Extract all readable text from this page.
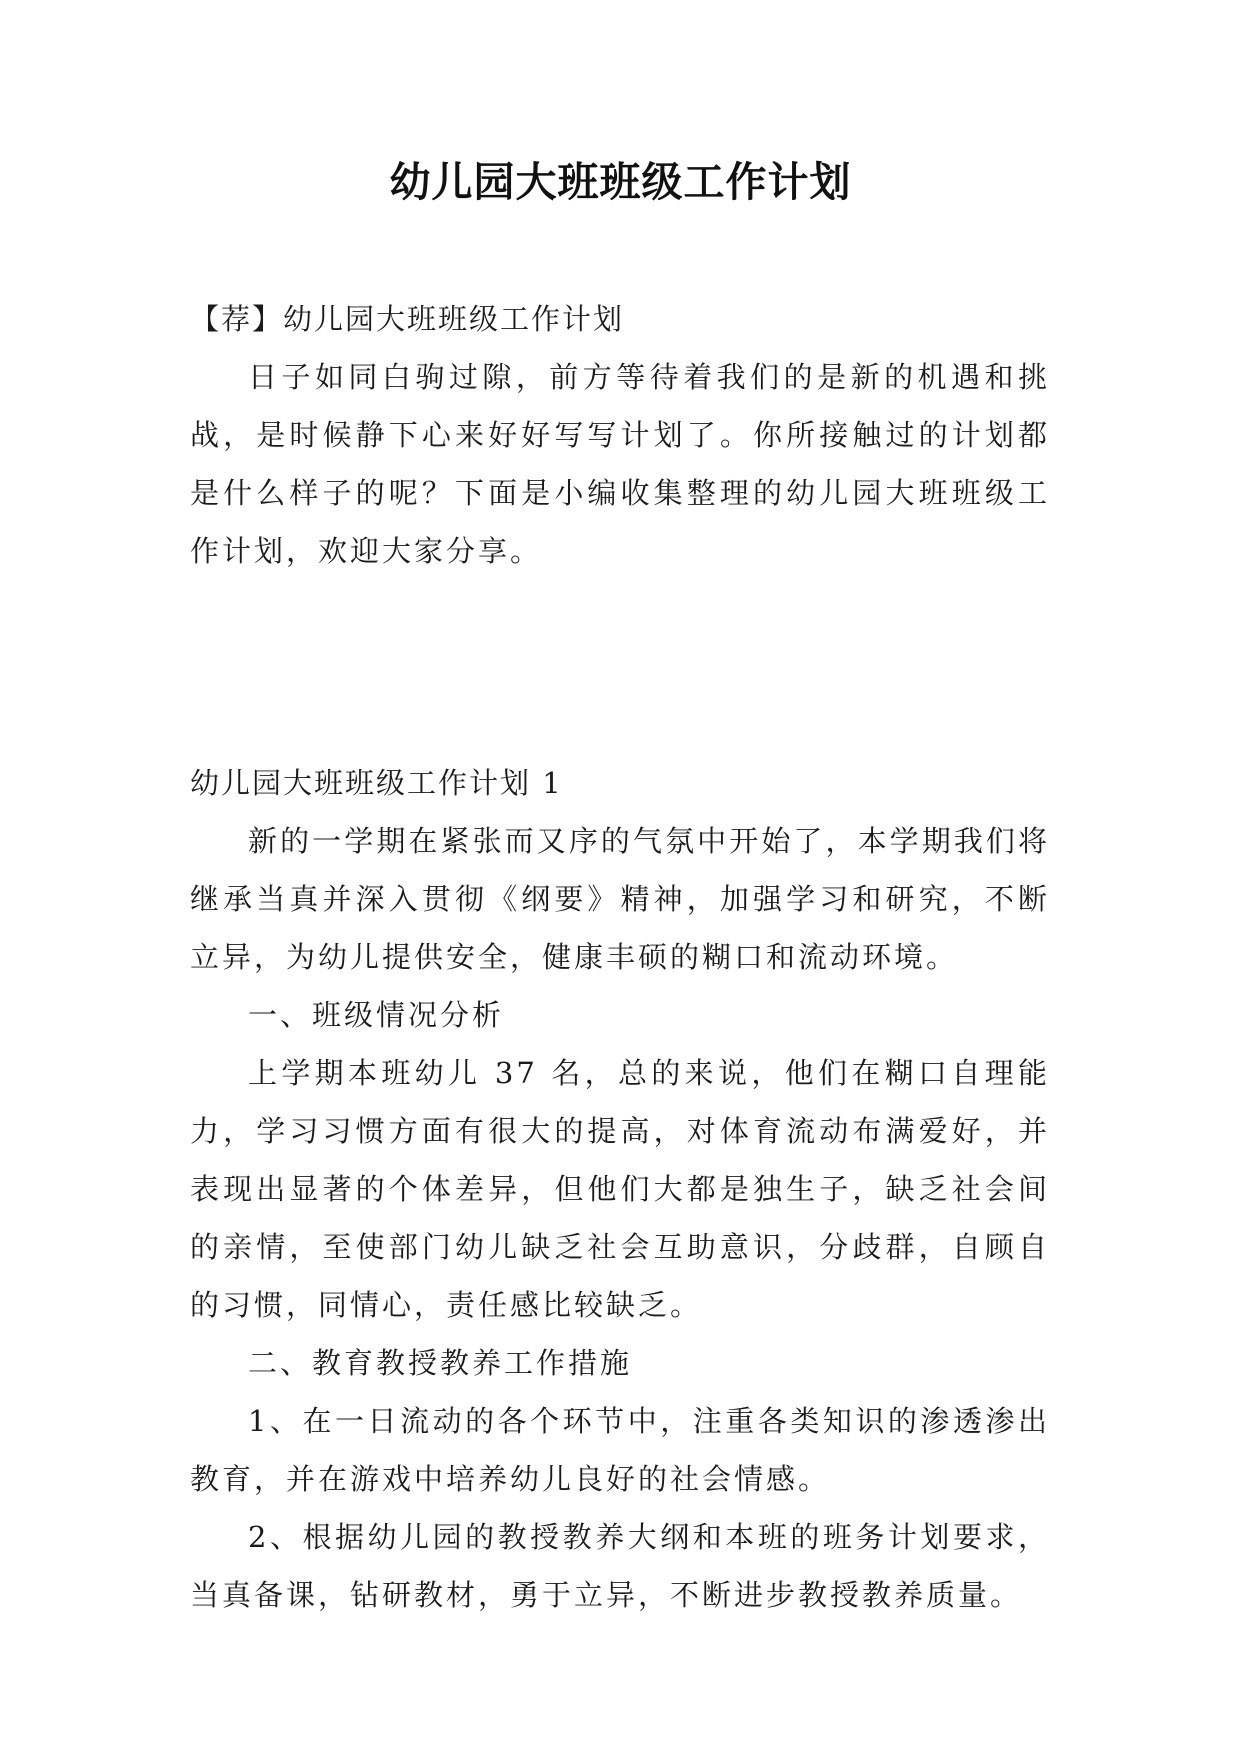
幼儿园大班班级工作计划

【荐】幼儿园大班班级工作计划

日子如同白驹过隙，前方等待着我们的是新的机遇和挑战，是时候静下心来好好写写计划了。你所接触过的计划都是什么样子的呢？下面是小编收集整理的幼儿园大班班级工作计划，欢迎大家分享。

幼儿园大班班级工作计划 1

新的一学期在紧张而又序的气氛中开始了，本学期我们将继承当真并深入贯彻《纲要》精神，加强学习和研究，不断立异，为幼儿提供安全，健康丰硕的糊口和流动环境。

一、班级情况分析

上学期本班幼儿 37 名，总的来说，他们在糊口自理能力，学习习惯方面有很大的提高，对体育流动布满爱好，并表现出显著的个体差异，但他们大都是独生子，缺乏社会间的亲情，至使部门幼儿缺乏社会互助意识，分歧群，自顾自的习惯，同情心，责任感比较缺乏。

二、教育教授教养工作措施

1、在一日流动的各个环节中，注重各类知识的渗透渗出教育，并在游戏中培养幼儿良好的社会情感。

2、根据幼儿园的教授教养大纲和本班的班务计划要求，当真备课，钻研教材，勇于立异，不断进步教授教养质量。
